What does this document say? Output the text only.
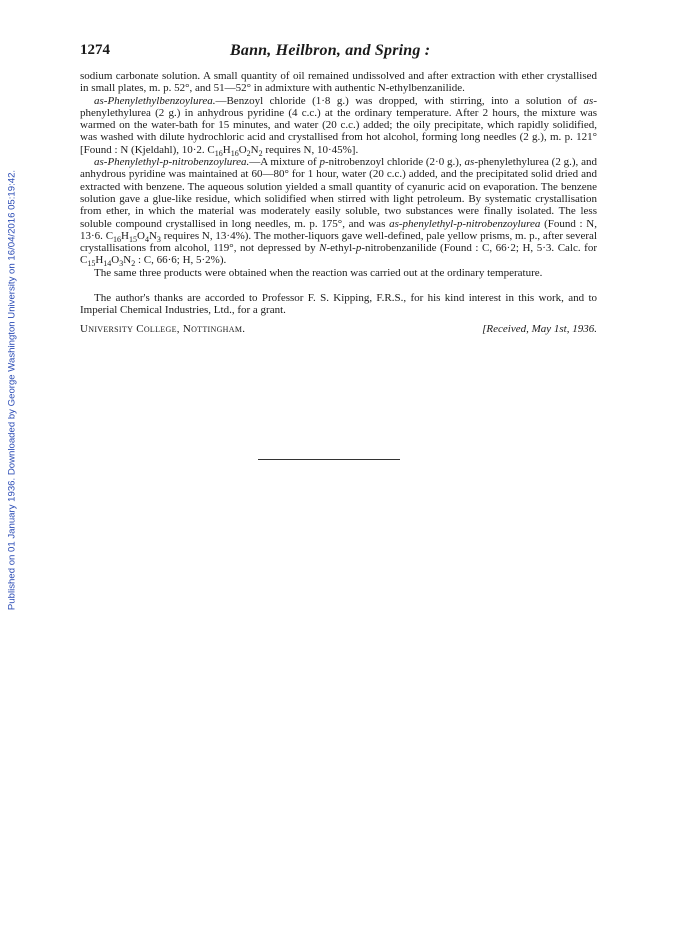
Published on 01 January 1936. Downloaded by George Washington University on 16/04/2016 05:19:42.
1274	Bann, Heilbron, and Spring :

sodium carbonate solution. A small quantity of oil remained undissolved and after extraction with ether crystallised in small plates, m. p. 52°, and 51—52° in admixture with authentic N-ethylbenzanilide.

as-Phenylethylbenzoylurea.—Benzoyl chloride (1·8 g.) was dropped, with stirring, into a solution of as-phenylethylurea (2 g.) in anhydrous pyridine (4 c.c.) at the ordinary temperature. After 2 hours, the mixture was warmed on the water-bath for 15 minutes, and water (20 c.c.) added; the oily precipitate, which rapidly solidified, was washed with dilute hydrochloric acid and crystallised from hot alcohol, forming long needles (2 g.), m. p. 121° [Found : N (Kjeldahl), 10·2. $C_{16}H_{16}O_2N_2$ requires N, 10·45%].

as-Phenylethyl-p-nitrobenzoylurea.—A mixture of p-nitrobenzoyl chloride (2·0 g.), as-phenylethylurea (2 g.), and anhydrous pyridine was maintained at 60—80° for 1 hour, water (20 c.c.) added, and the precipitated solid dried and extracted with benzene. The aqueous solution yielded a small quantity of cyanuric acid on evaporation. The benzene solution gave a glue-like residue, which solidified when stirred with light petroleum. By systematic crystallisation from ether, in which the material was moderately easily soluble, two substances were finally isolated. The less soluble compound crystallised in long needles, m. p. 175°, and was as-phenylethyl-p-nitrobenzoylurea (Found : N, 13·6. $C_{16}H_{15}O_4N_3$ requires N, 13·4%). The mother-liquors gave well-defined, pale yellow prisms, m. p., after several crystallisations from alcohol, 119°, not depressed by N-ethyl-p-nitrobenzanilide (Found : C, 66·2; H, 5·3. Calc. for $C_{15}H_{14}O_3N_2$ : C, 66·6; H, 5·2%).

The same three products were obtained when the reaction was carried out at the ordinary temperature.

The author's thanks are accorded to Professor F. S. Kipping, F.R.S., for his kind interest in this work, and to Imperial Chemical Industries, Ltd., for a grant.

University College, Nottingham.	[Received, May 1st, 1936.
